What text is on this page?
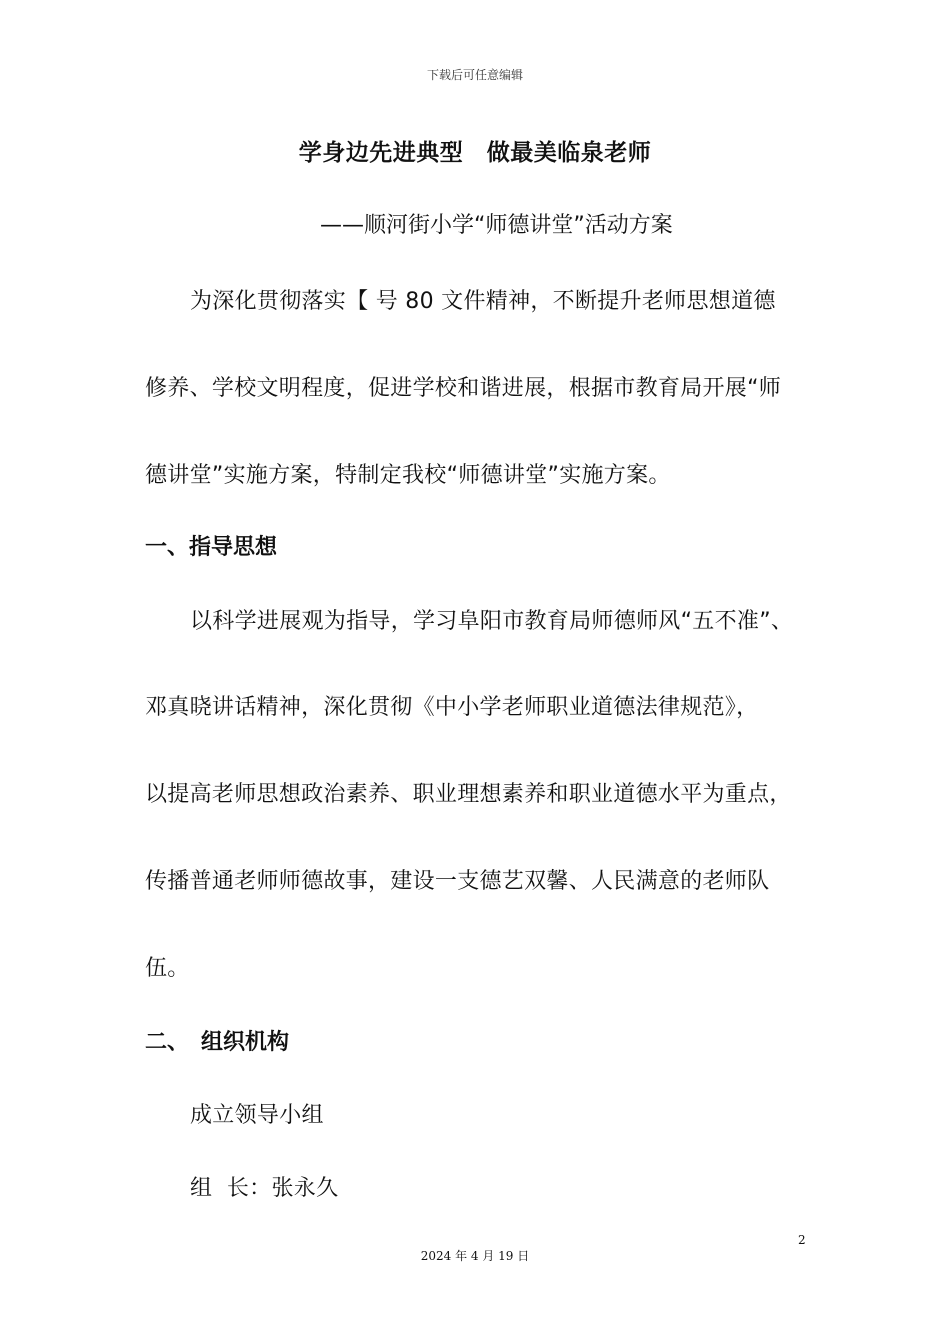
下载后可任意编辑
学身边先进典型　做最美临泉老师
——顺河街小学“师德讲堂”活动方案
为深化贯彻落实【 号 80 文件精神，不断提升老师思想道德
修养、学校文明程度，促进学校和谐进展，根据市教育局开展“师
德讲堂”实施方案，特制定我校“师德讲堂”实施方案。
一、指导思想
以科学进展观为指导，学习阜阳市教育局师德师风“五不准”、
邓真晓讲话精神，深化贯彻《中小学老师职业道德法律规范》，
以提高老师思想政治素养、职业理想素养和职业道德水平为重点，
传播普通老师师德故事，建设一支德艺双馨、人民满意的老师队
伍。
二、 组织机构
成立领导小组
组  长：张永久
2
2024 年 4 月 19 日
